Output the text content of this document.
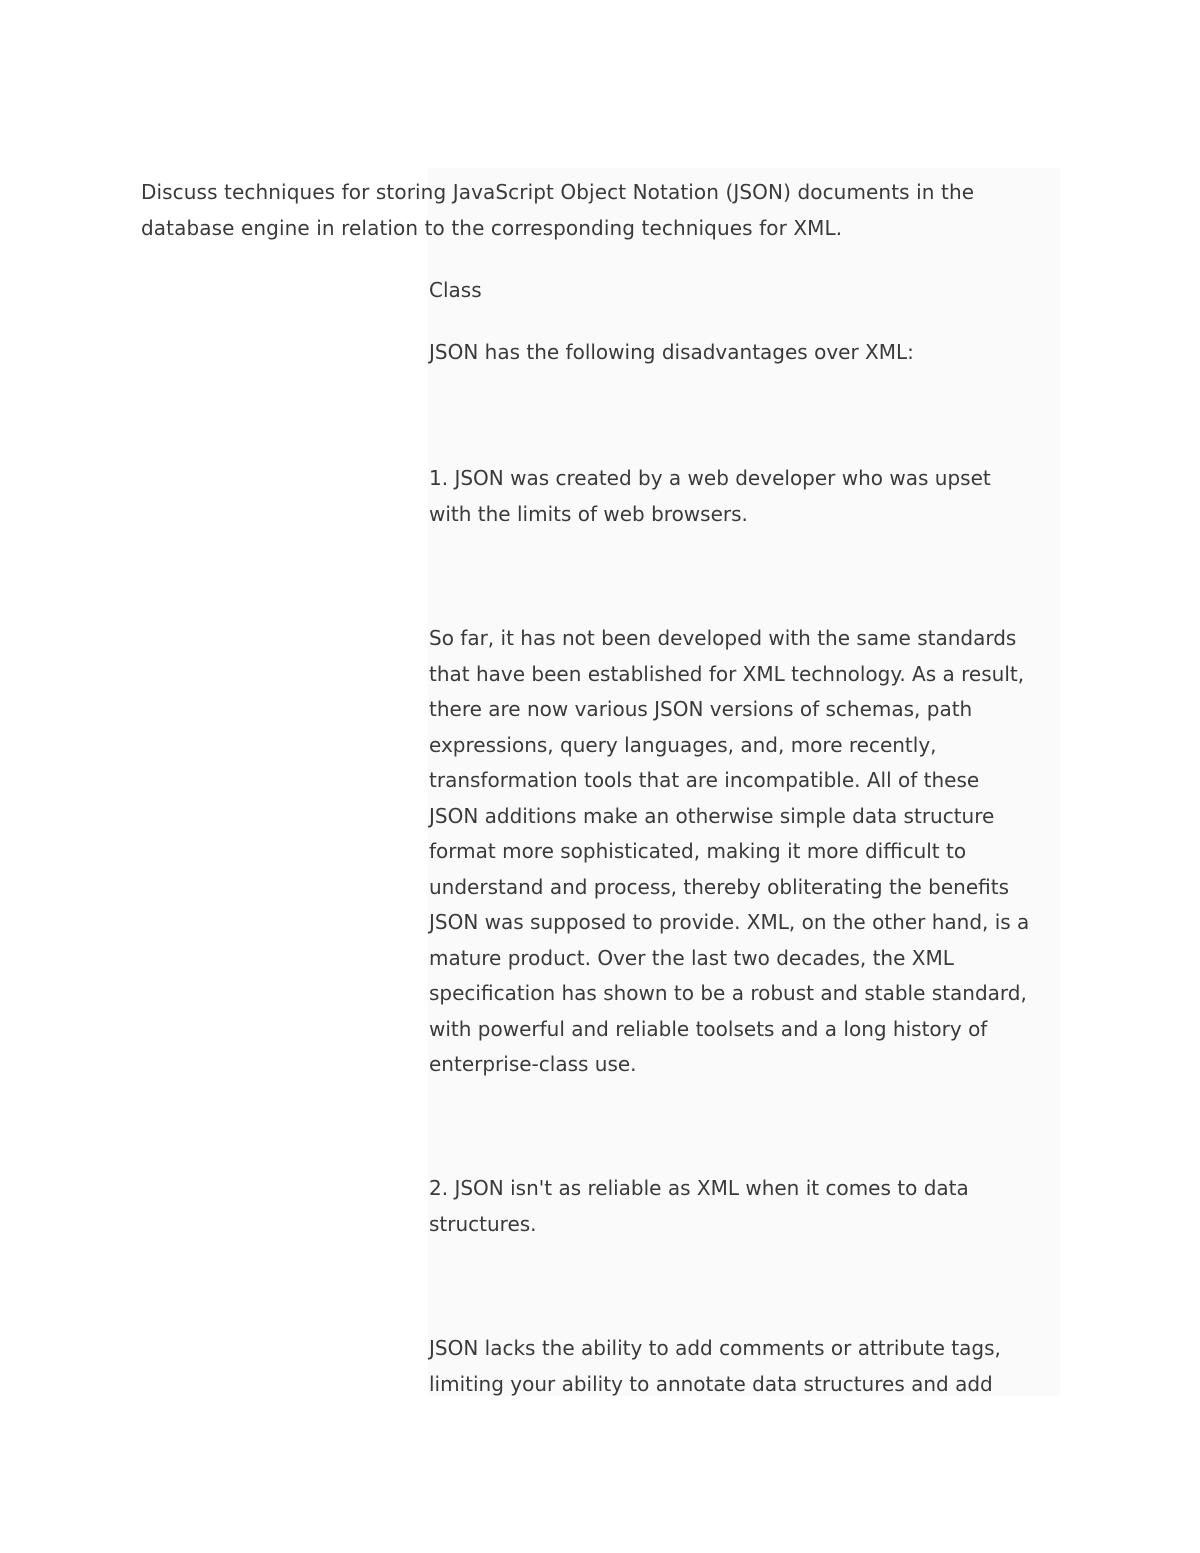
Discuss techniques for storing JavaScript Object Notation (JSON) documents in the
database engine in relation to the corresponding techniques for XML.

Class

JSON has the following disadvantages over XML:

1. JSON was created by a web developer who was upset
with the limits of web browsers.

So far, it has not been developed with the same standards
that have been established for XML technology. As a result,
there are now various JSON versions of schemas, path
expressions, query languages, and, more recently,
transformation tools that are incompatible. All of these
JSON additions make an otherwise simple data structure
format more sophisticated, making it more difficult to
understand and process, thereby obliterating the benefits
JSON was supposed to provide. XML, on the other hand, is a
mature product. Over the last two decades, the XML
specification has shown to be a robust and stable standard,
with powerful and reliable toolsets and a long history of
enterprise-class use.

2. JSON isn't as reliable as XML when it comes to data
structures.

JSON lacks the ability to add comments or attribute tags,
limiting your ability to annotate data structures and add
